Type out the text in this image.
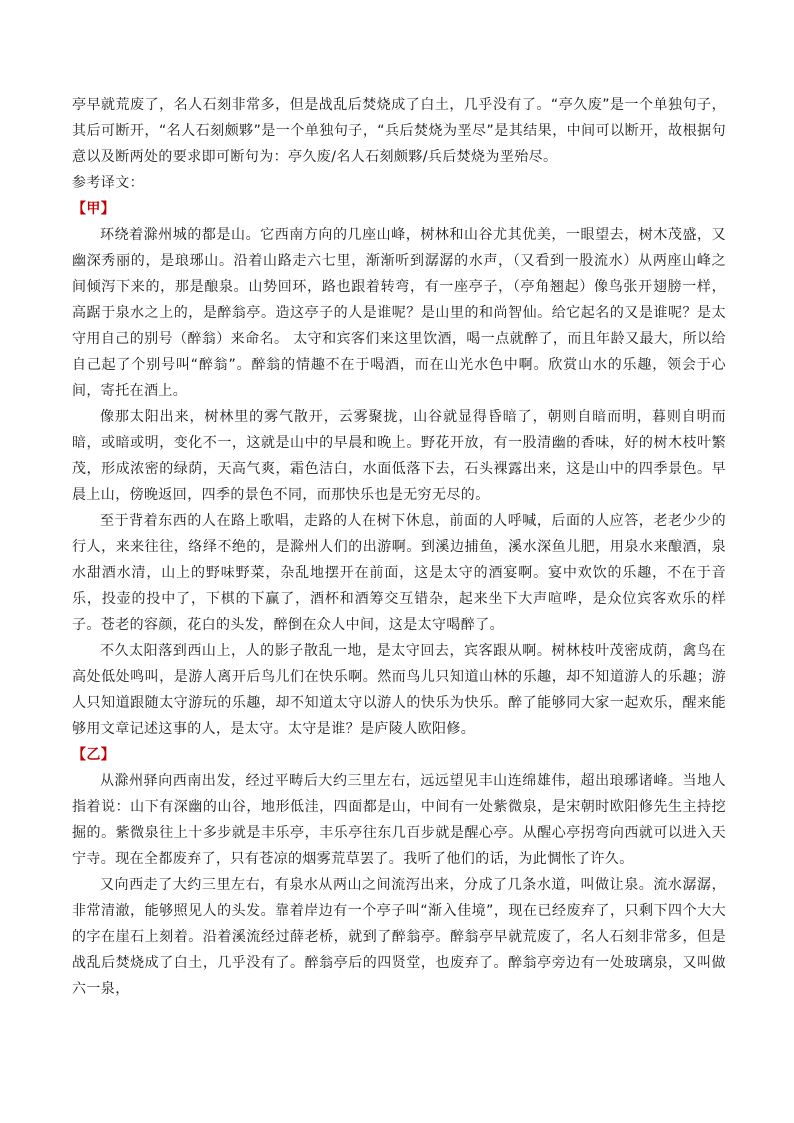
亭早就荒废了，名人石刻非常多，但是战乱后焚烧成了白土，几乎没有了。“亭久废”是一个单独句子，其后可断开，“名人石刻颇夥”是一个单独句子，“兵后焚烧为垩尽”是其结果，中间可以断开，故根据句意以及断两处的要求即可断句为：亭久废/名人石刻颇夥/兵后焚烧为垩殆尽。

参考译文：

【甲】

环绕着滁州城的都是山。它西南方向的几座山峰，树林和山谷尤其优美，一眼望去，树木茂盛，又幽深秀丽的，是琅琊山。沿着山路走六七里，渐渐听到潺潺的水声，（又看到一股流水）从两座山峰之间倾泻下来的，那是酿泉。山势回环，路也跟着转弯，有一座亭子，（亭角翘起）像鸟张开翅膀一样，高踞于泉水之上的，是醉翁亭。造这亭子的人是谁呢？是山里的和尚智仙。给它起名的又是谁呢？是太守用自己的别号（醉翁）来命名。 太守和宾客们来这里饮酒，喝一点就醉了，而且年龄又最大，所以给自己起了个别号叫“醉翁”。醉翁的情趣不在于喝酒，而在山光水色中啊。欣赏山水的乐趣，领会于心间，寄托在酒上。

像那太阳出来，树林里的雾气散开，云雾聚拢，山谷就显得昏暗了，朝则自暗而明，暮则自明而暗，或暗或明，变化不一，这就是山中的早晨和晚上。野花开放，有一股清幽的香味，好的树木枝叶繁茂，形成浓密的绿荫，天高气爽，霜色洁白，水面低落下去，石头裸露出来，这是山中的四季景色。早晨上山，傍晚返回，四季的景色不同，而那快乐也是无穷无尽的。

至于背着东西的人在路上歌唱，走路的人在树下休息，前面的人呼喊，后面的人应答，老老少少的行人，来来往往，络绎不绝的，是滁州人们的出游啊。到溪边捕鱼，溪水深鱼儿肥，用泉水来酿酒，泉水甜酒水清，山上的野味野菜，杂乱地摆开在前面，这是太守的酒宴啊。宴中欢饮的乐趣，不在于音乐，投壶的投中了，下棋的下赢了，酒杯和酒筹交互错杂，起来坐下大声喧哗，是众位宾客欢乐的样子。苍老的容颜，花白的头发，醉倒在众人中间，这是太守喝醉了。

不久太阳落到西山上，人的影子散乱一地，是太守回去，宾客跟从啊。树林枝叶茂密成荫，禽鸟在高处低处鸣叫，是游人离开后鸟儿们在快乐啊。然而鸟儿只知道山林的乐趣，却不知道游人的乐趣；游人只知道跟随太守游玩的乐趣，却不知道太守以游人的快乐为快乐。醉了能够同大家一起欢乐，醒来能够用文章记述这事的人，是太守。太守是谁？是庐陵人欧阳修。

【乙】

从滁州驿向西南出发，经过平畴后大约三里左右，远远望见丰山连绵雄伟，超出琅琊诸峰。当地人指着说：山下有深幽的山谷，地形低洼，四面都是山，中间有一处紫微泉，是宋朝时欧阳修先生主持挖掘的。紫微泉往上十多步就是丰乐亭，丰乐亭往东几百步就是醒心亭。从醒心亭拐弯向西就可以进入天宁寺。现在全都废弃了，只有苍凉的烟雾荒草罢了。我听了他们的话，为此惆怅了许久。

又向西走了大约三里左右，有泉水从两山之间流泻出来，分成了几条水道，叫做让泉。流水潺潺，非常清澈，能够照见人的头发。靠着岸边有一个亭子叫“渐入佳境”，现在已经废弃了，只剩下四个大大的字在崖石上刻着。沿着溪流经过薛老桥，就到了醉翁亭。醉翁亭早就荒废了，名人石刻非常多，但是战乱后焚烧成了白土，几乎没有了。醉翁亭后的四贤堂，也废弃了。醉翁亭旁边有一处玻璃泉，又叫做六一泉，
